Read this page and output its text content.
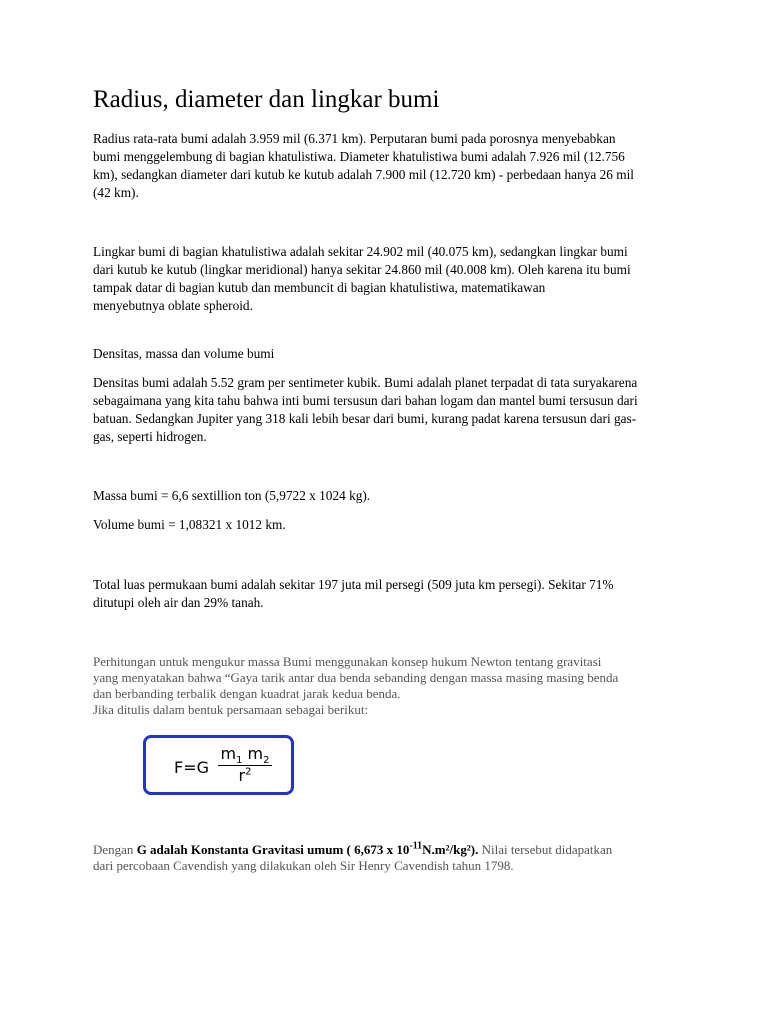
Radius, diameter dan lingkar bumi
Radius rata-rata bumi adalah 3.959 mil (6.371 km). Perputaran bumi pada porosnya menyebabkan
bumi menggelembung di bagian khatulistiwa. Diameter khatulistiwa bumi adalah 7.926 mil (12.756
km), sedangkan diameter dari kutub ke kutub adalah 7.900 mil (12.720 km) - perbedaan hanya 26 mil
(42 km).
Lingkar bumi di bagian khatulistiwa adalah sekitar 24.902 mil (40.075 km), sedangkan lingkar bumi
dari kutub ke kutub (lingkar meridional) hanya sekitar 24.860 mil (40.008 km). Oleh karena itu bumi
tampak datar di bagian kutub dan membuncit di bagian khatulistiwa, matematikawan
menyebutnya oblate spheroid.
Densitas, massa dan volume bumi
Densitas bumi adalah 5.52 gram per sentimeter kubik. Bumi adalah planet terpadat di tata suryakarena
sebagaimana yang kita tahu bahwa inti bumi tersusun dari bahan logam dan mantel bumi tersusun dari
batuan. Sedangkan Jupiter yang 318 kali lebih besar dari bumi, kurang padat karena tersusun dari gas-
gas, seperti hidrogen.
Massa bumi = 6,6 sextillion ton (5,9722 x 1024 kg).
Volume bumi = 1,08321 x 1012 km.
Total luas permukaan bumi adalah sekitar 197 juta mil persegi (509 juta km persegi). Sekitar 71%
ditutupi oleh air dan 29% tanah.
Perhitungan untuk mengukur massa Bumi menggunakan konsep hukum Newton tentang gravitasi
yang menyatakan bahwa “Gaya tarik antar dua benda sebanding dengan massa masing masing benda
dan berbanding terbalik dengan kuadrat jarak kedua benda.
Jika ditulis dalam bentuk persamaan sebagai berikut:
F=G
$m_1$ $m_2$
$r^2$
Dengan G adalah Konstanta Gravitasi umum ( 6,673 x $10^{-11}N.m^2/kg^2$). Nilai tersebut didapatkan
dari percobaan Cavendish yang dilakukan oleh Sir Henry Cavendish tahun 1798.
